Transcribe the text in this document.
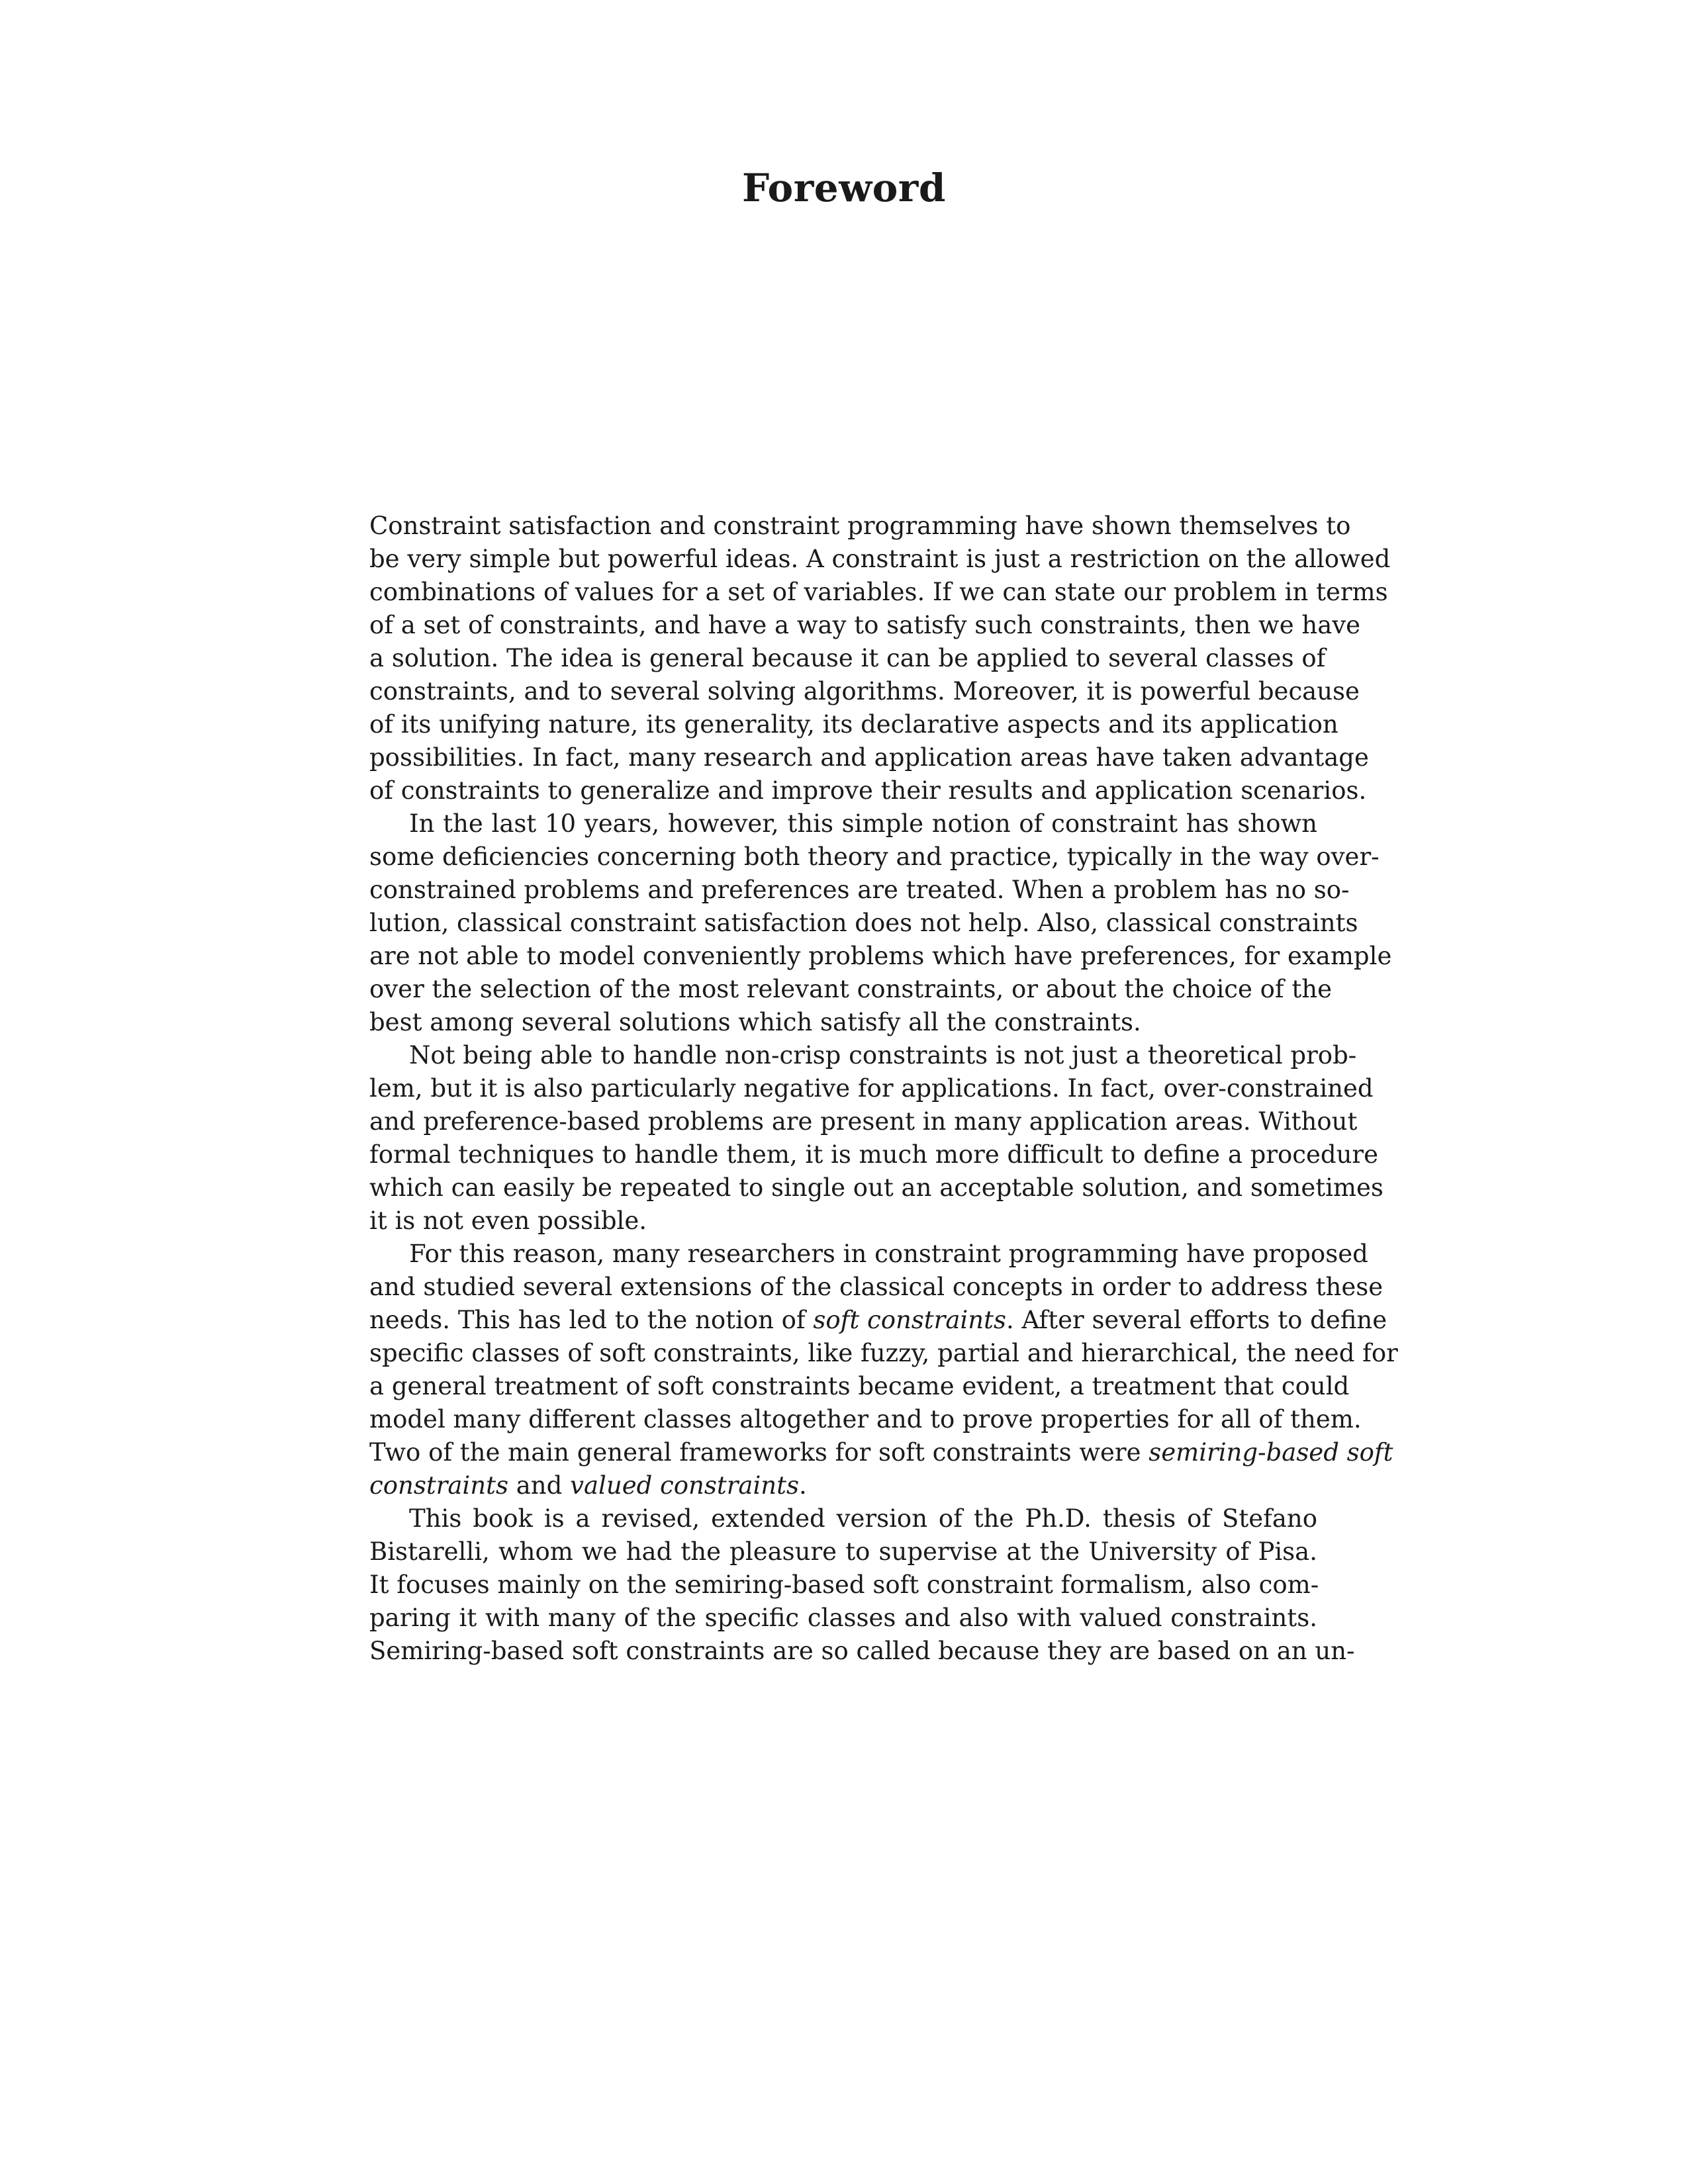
Foreword
Constraint satisfaction and constraint programming have shown themselves to
be very simple but powerful ideas. A constraint is just a restriction on the allowed
combinations of values for a set of variables. If we can state our problem in terms
of a set of constraints, and have a way to satisfy such constraints, then we have
a solution. The idea is general because it can be applied to several classes of
constraints, and to several solving algorithms. Moreover, it is powerful because
of its unifying nature, its generality, its declarative aspects and its application
possibilities. In fact, many research and application areas have taken advantage
of constraints to generalize and improve their results and application scenarios.
In the last 10 years, however, this simple notion of constraint has shown
some deficiencies concerning both theory and practice, typically in the way over-
constrained problems and preferences are treated. When a problem has no so-
lution, classical constraint satisfaction does not help. Also, classical constraints
are not able to model conveniently problems which have preferences, for example
over the selection of the most relevant constraints, or about the choice of the
best among several solutions which satisfy all the constraints.
Not being able to handle non-crisp constraints is not just a theoretical prob-
lem, but it is also particularly negative for applications. In fact, over-constrained
and preference-based problems are present in many application areas. Without
formal techniques to handle them, it is much more difficult to define a procedure
which can easily be repeated to single out an acceptable solution, and sometimes
it is not even possible.
For this reason, many researchers in constraint programming have proposed
and studied several extensions of the classical concepts in order to address these
needs. This has led to the notion of soft constraints. After several efforts to define
specific classes of soft constraints, like fuzzy, partial and hierarchical, the need for
a general treatment of soft constraints became evident, a treatment that could
model many different classes altogether and to prove properties for all of them.
Two of the main general frameworks for soft constraints were semiring-based soft
constraints and valued constraints.
This book is a revised, extended version of the Ph.D. thesis of Stefano
Bistarelli, whom we had the pleasure to supervise at the University of Pisa.
It focuses mainly on the semiring-based soft constraint formalism, also com-
paring it with many of the specific classes and also with valued constraints.
Semiring-based soft constraints are so called because they are based on an un-
